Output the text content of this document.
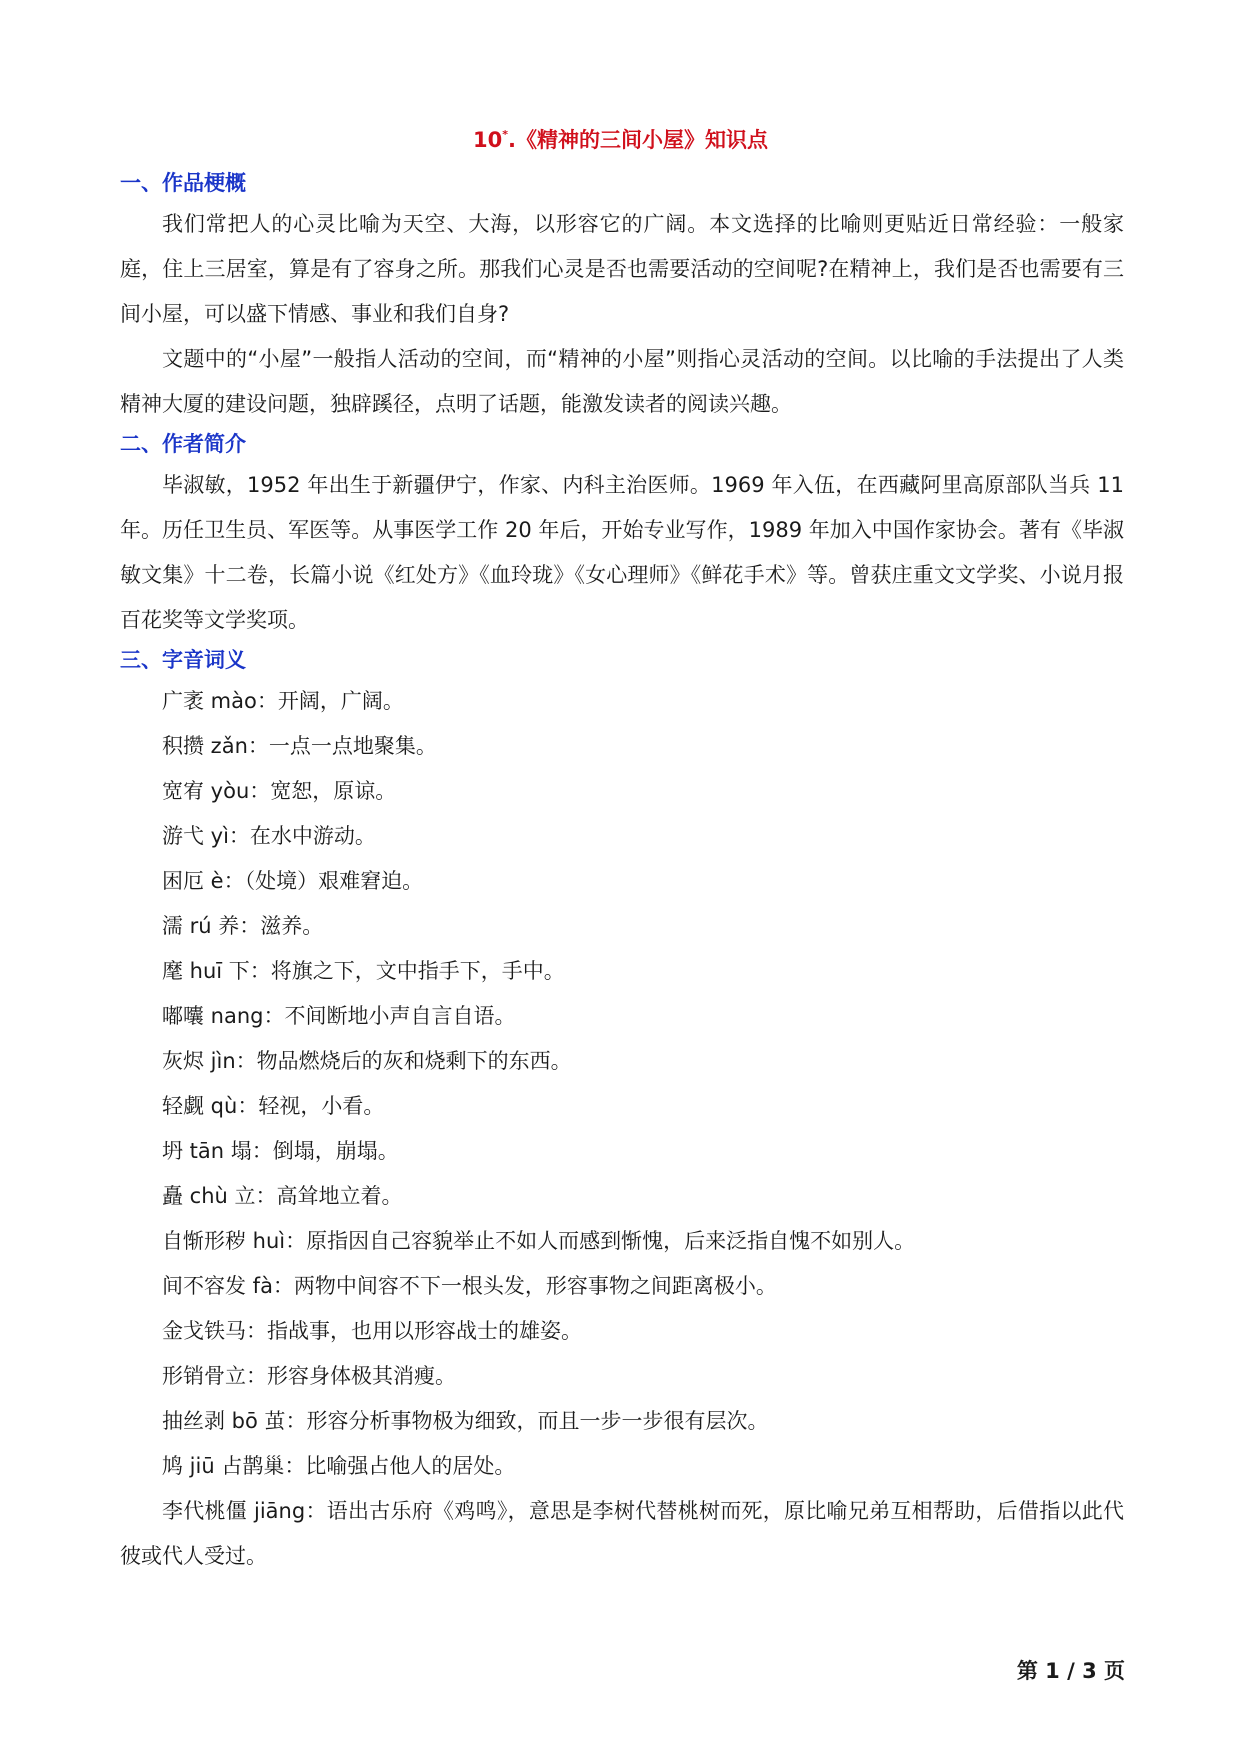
10*.《精神的三间小屋》知识点
一、作品梗概

我们常把人的心灵比喻为天空、大海，以形容它的广阔。本文选择的比喻则更贴近日常经验：一般家庭，住上三居室，算是有了容身之所。那我们心灵是否也需要活动的空间呢?在精神上，我们是否也需要有三间小屋，可以盛下情感、事业和我们自身?

文题中的“小屋”一般指人活动的空间，而“精神的小屋”则指心灵活动的空间。以比喻的手法提出了人类精神大厦的建设问题，独辟蹊径，点明了话题，能激发读者的阅读兴趣。

二、作者简介

毕淑敏，1952 年出生于新疆伊宁，作家、内科主治医师。1969 年入伍，在西藏阿里高原部队当兵 11 年。历任卫生员、军医等。从事医学工作 20 年后，开始专业写作，1989 年加入中国作家协会。著有《毕淑敏文集》十二卷，长篇小说《红处方》《血玲珑》《女心理师》《鲜花手术》等。曾获庄重文文学奖、小说月报百花奖等文学奖项。

三、字音词义
广袤 mào：开阔，广阔。
积攒 zǎn：一点一点地聚集。
宽宥 yòu：宽恕，原谅。
游弋 yì：在水中游动。
困厄 è：（处境）艰难窘迫。
濡 rú 养：滋养。
麾 huī 下：将旗之下，文中指手下，手中。
嘟囔 nang：不间断地小声自言自语。
灰烬 jìn：物品燃烧后的灰和烧剩下的东西。
轻觑 qù：轻视，小看。
坍 tān 塌：倒塌，崩塌。
矗 chù 立：高耸地立着。
自惭形秽 huì：原指因自己容貌举止不如人而感到惭愧，后来泛指自愧不如别人。
间不容发 fà：两物中间容不下一根头发，形容事物之间距离极小。
金戈铁马：指战事，也用以形容战士的雄姿。
形销骨立：形容身体极其消瘦。
抽丝剥 bō 茧：形容分析事物极为细致，而且一步一步很有层次。
鸠 jiū 占鹊巢：比喻强占他人的居处。
李代桃僵 jiāng：语出古乐府《鸡鸣》，意思是李树代替桃树而死，原比喻兄弟互相帮助，后借指以此代彼或代人受过。
第 1 / 3 页
